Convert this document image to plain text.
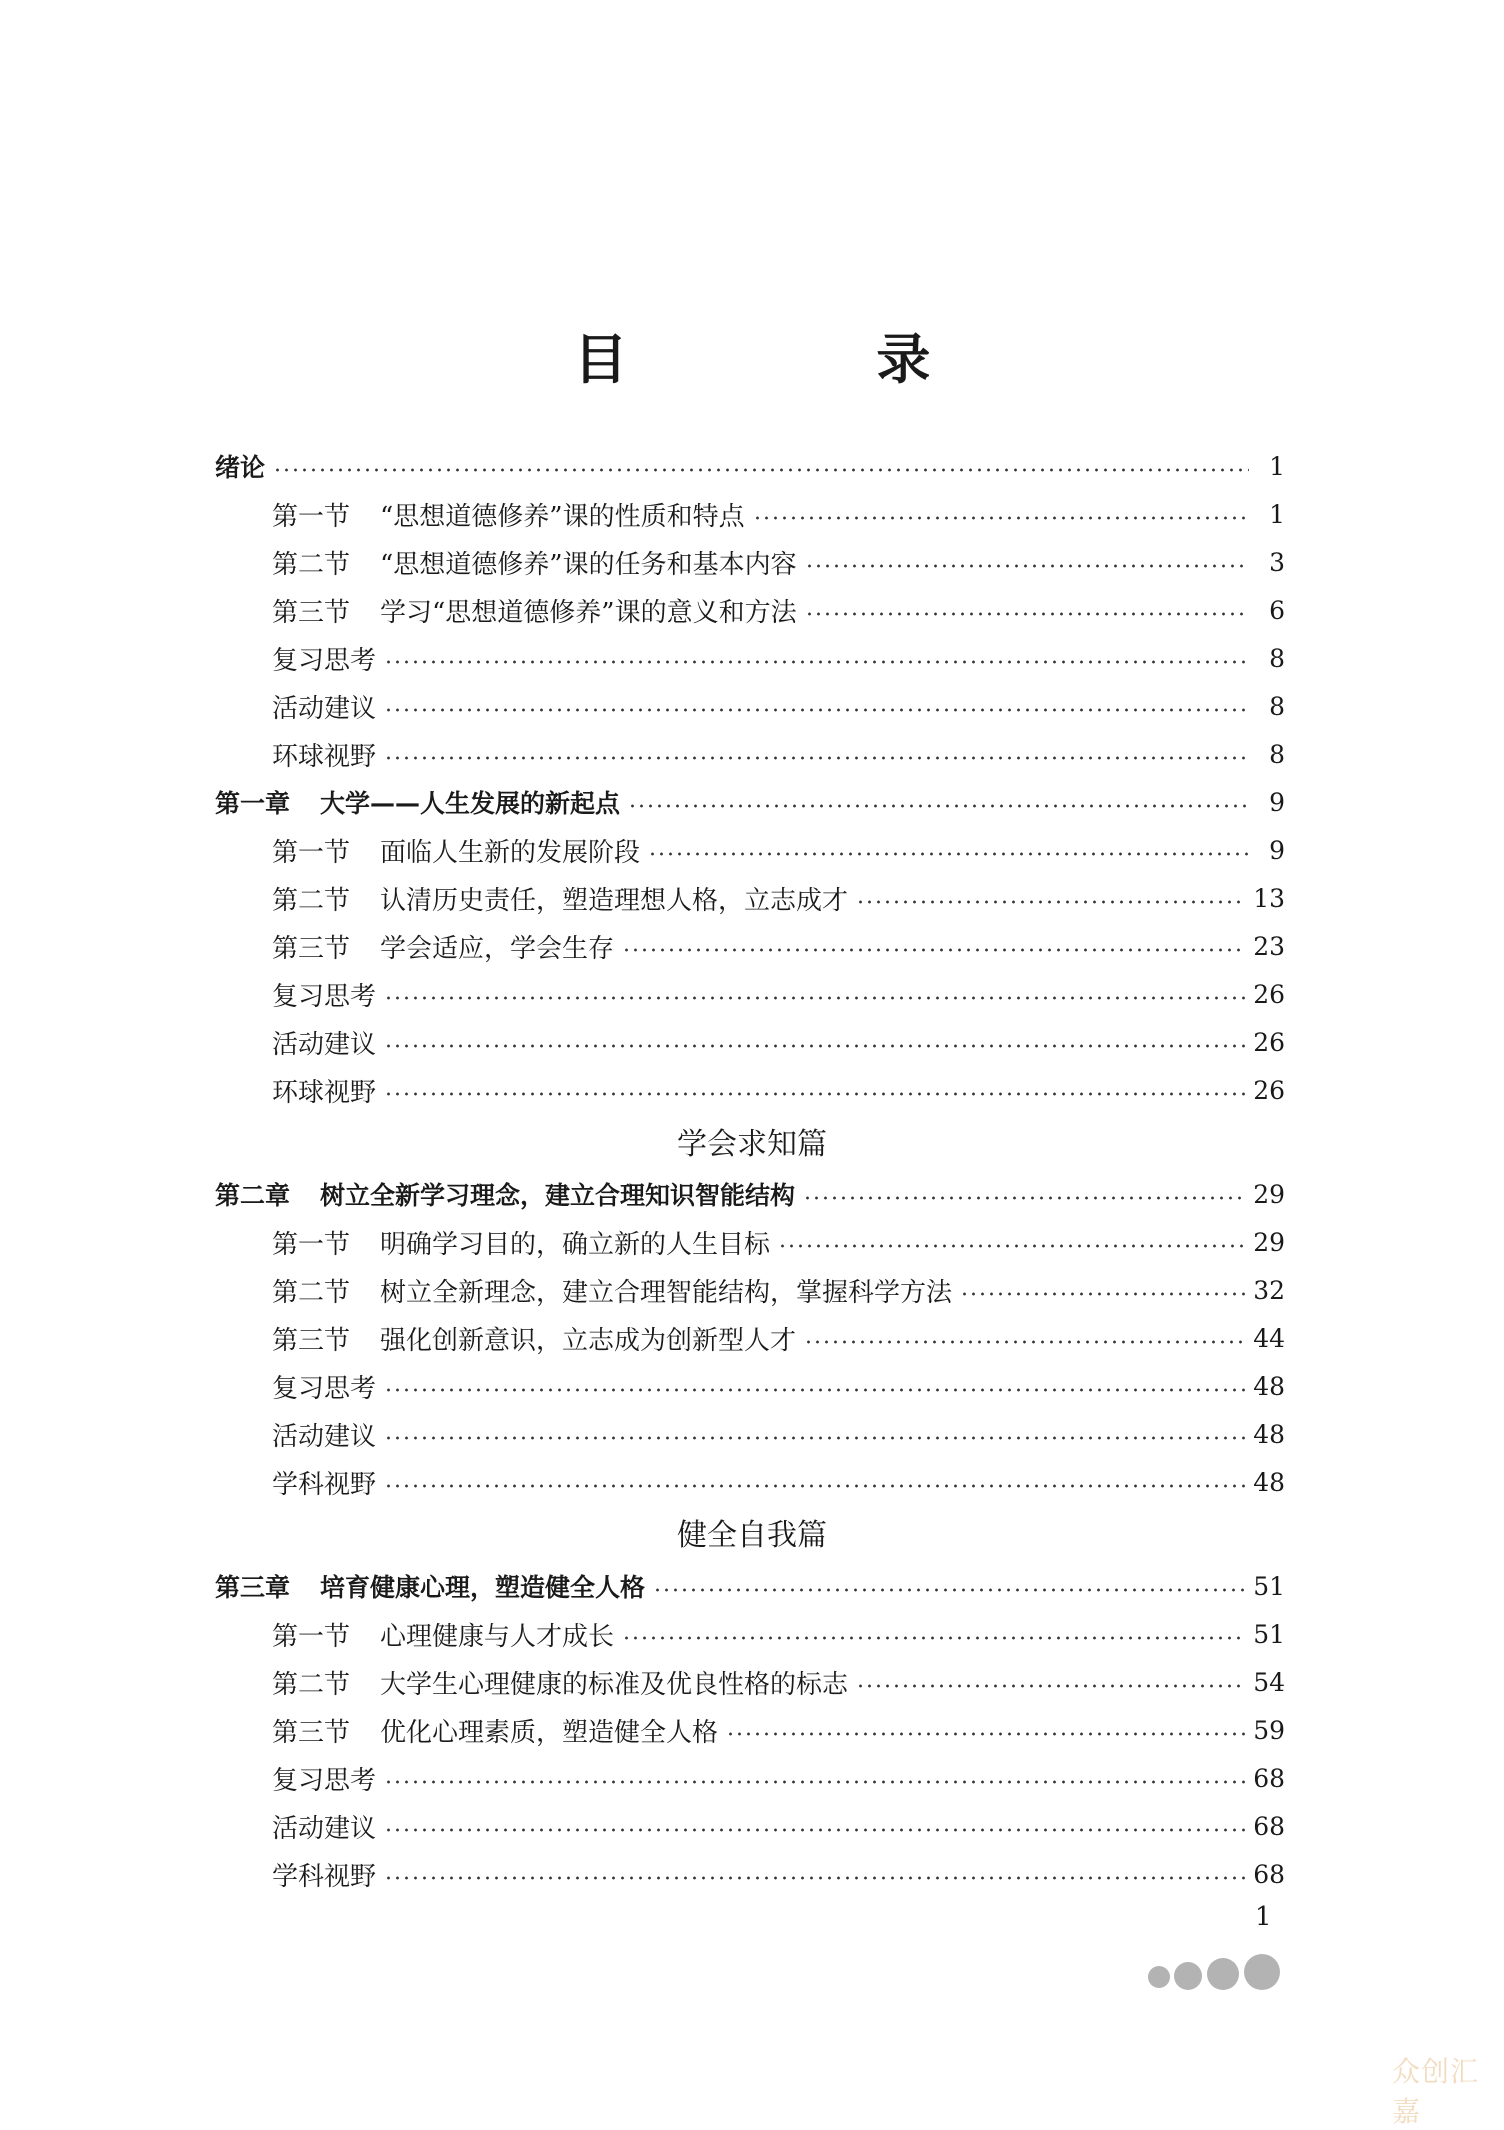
目 录
绪论	1
第一节 “思想道德修养”课的性质和特点	1
第二节 “思想道德修养”课的任务和基本内容	3
第三节 学习“思想道德修养”课的意义和方法	6
复习思考	8
活动建议	8
环球视野	8
第一章 大学——人生发展的新起点	9
第一节 面临人生新的发展阶段	9
第二节 认清历史责任，塑造理想人格，立志成才	13
第三节 学会适应，学会生存	23
复习思考	26
活动建议	26
环球视野	26
学会求知篇
第二章 树立全新学习理念，建立合理知识智能结构	29
第一节 明确学习目的，确立新的人生目标	29
第二节 树立全新理念，建立合理智能结构，掌握科学方法	32
第三节 强化创新意识，立志成为创新型人才	44
复习思考	48
活动建议	48
学科视野	48
健全自我篇
第三章 培育健康心理，塑造健全人格	51
第一节 心理健康与人才成长	51
第二节 大学生心理健康的标准及优良性格的标志	54
第三节 优化心理素质，塑造健全人格	59
复习思考	68
活动建议	68
学科视野	68
1
众创汇嘉
